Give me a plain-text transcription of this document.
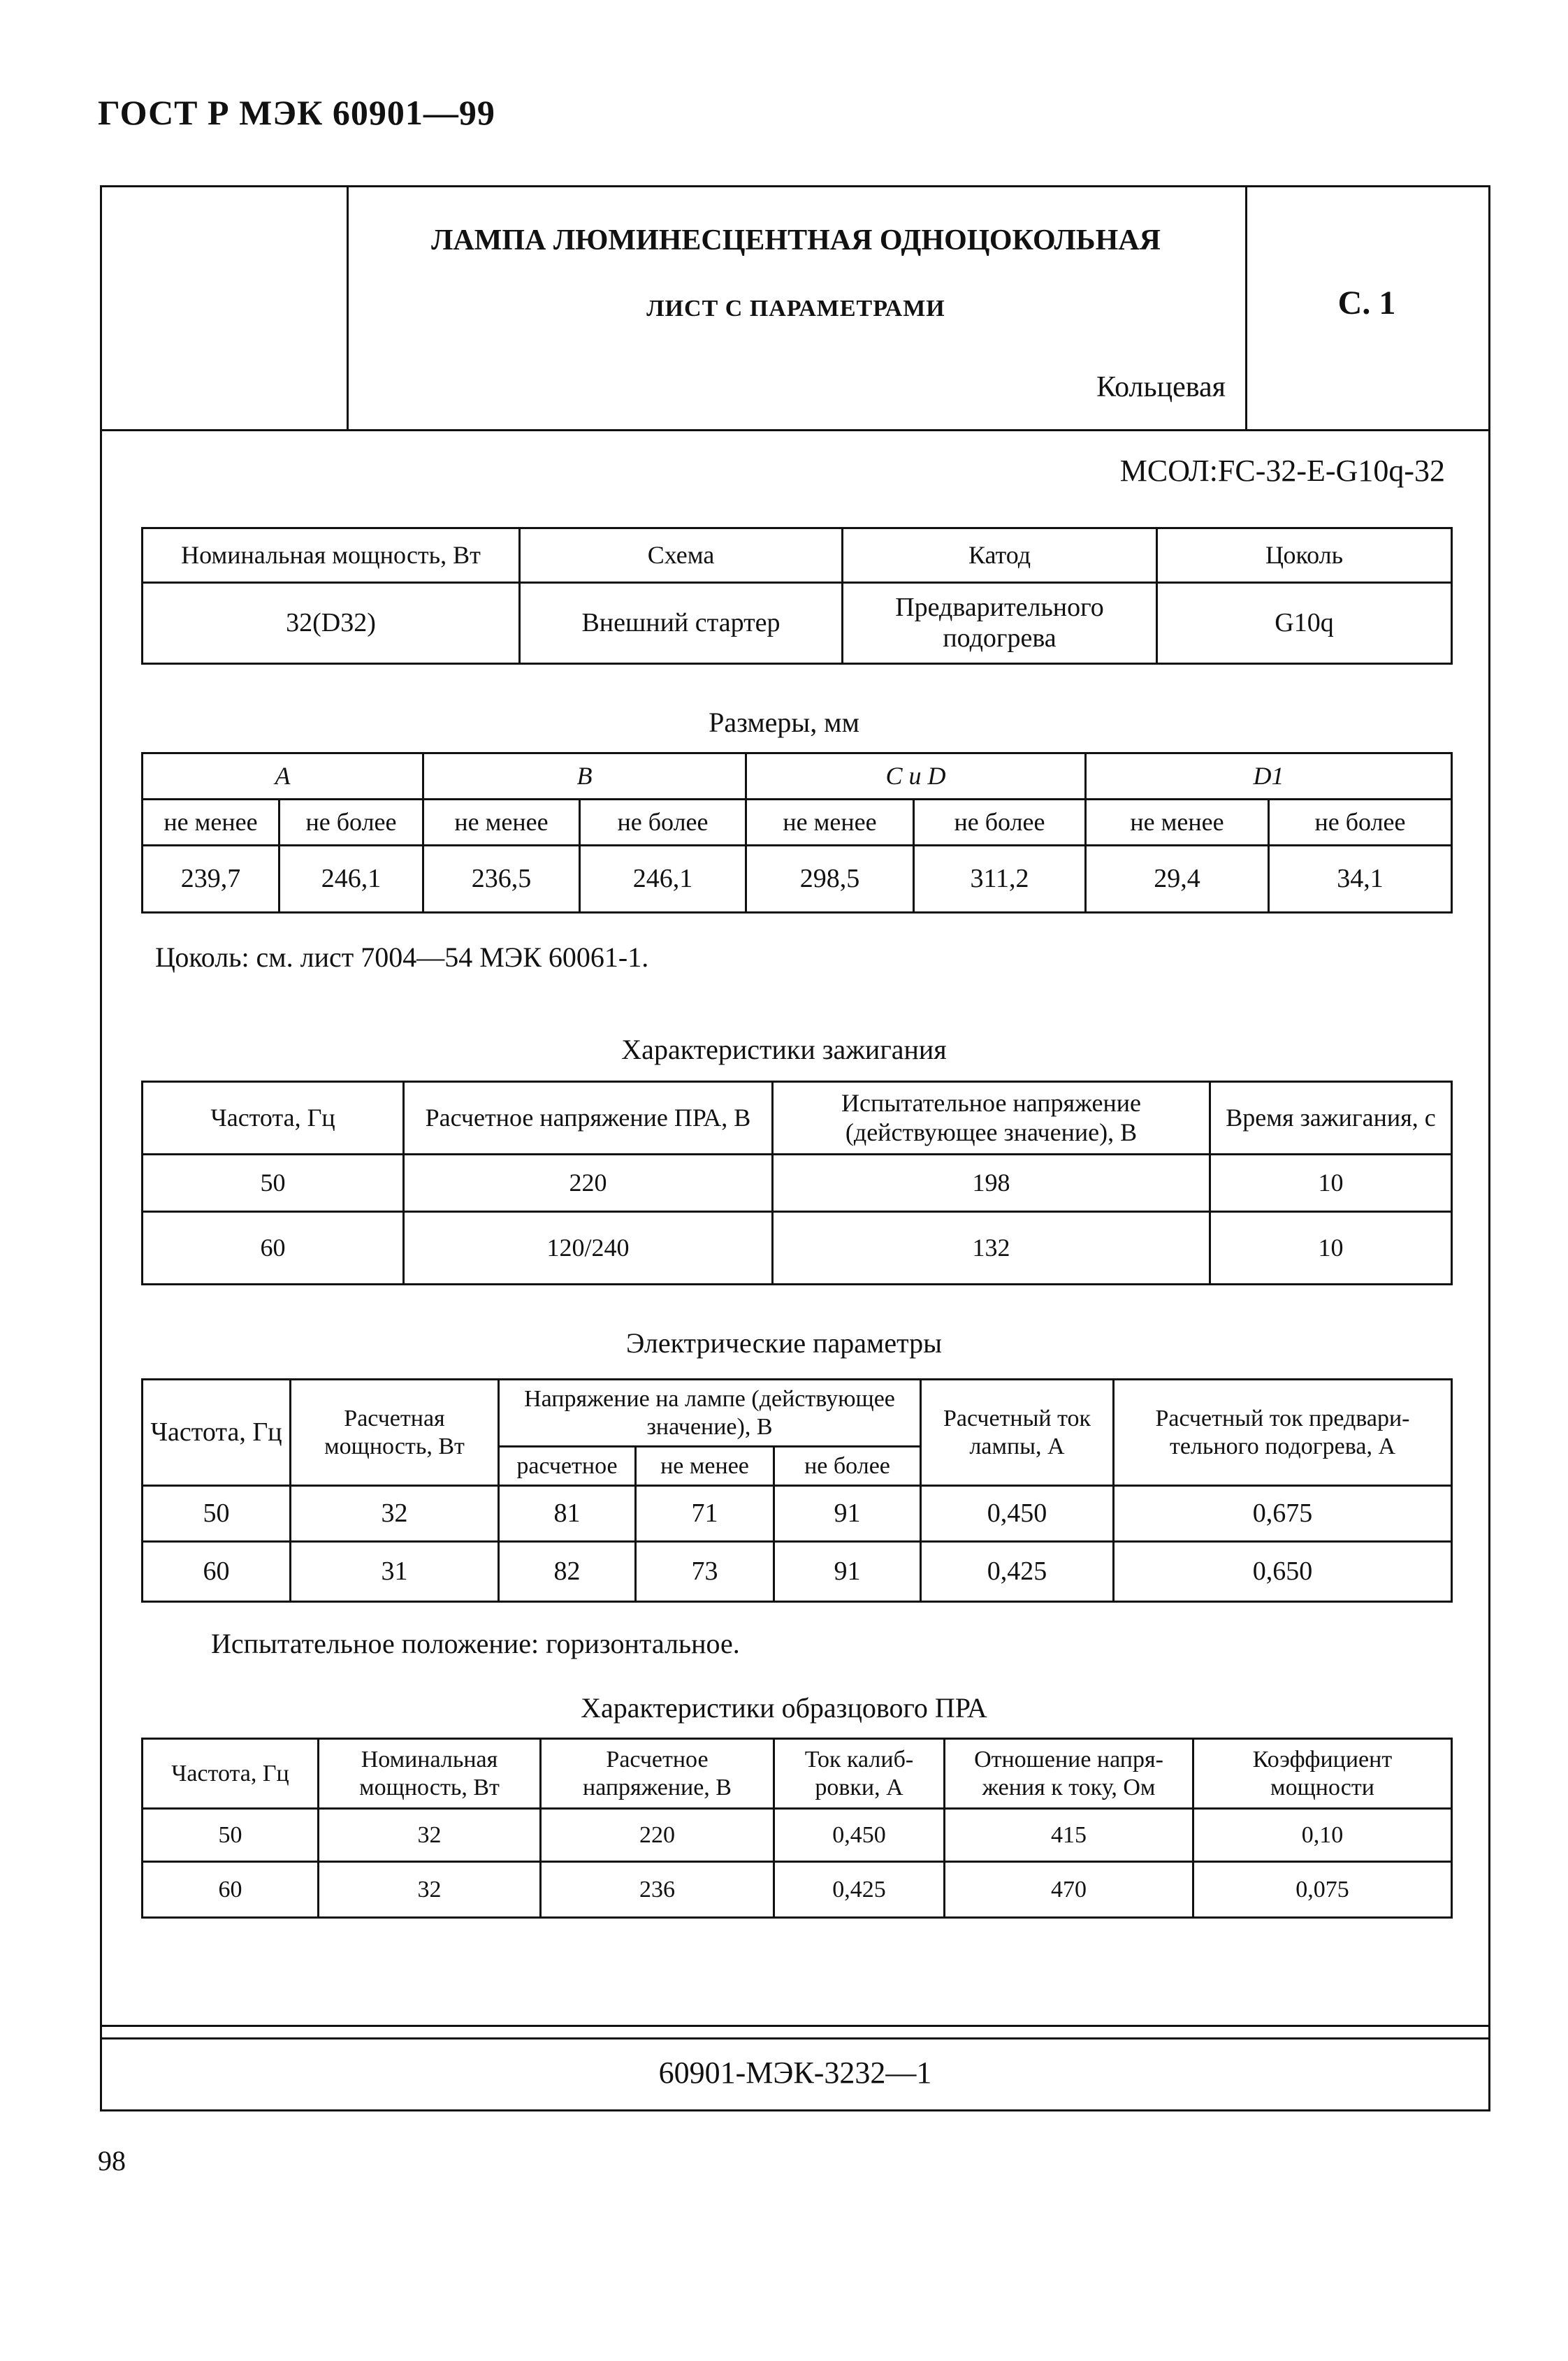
ГОСТ Р МЭК 60901—99
ЛАМПА ЛЮМИНЕСЦЕНТНАЯ ОДНОЦОКОЛЬНАЯ
ЛИСТ С ПАРАМЕТРАМИ
Кольцевая
С. 1
МСОЛ:FC-32-E-G10q-32
60901-МЭК-3232—1
Номинальная мощность, Вт	Схема	Катод	Цоколь
32(D32)	Внешний стартер	Предварительного подогрева	G10q
Размеры, мм
A		B		C и D		D1	
не менее	не более	не менее	не более	не менее	не более	не менее	не более
239,7	246,1	236,5	246,1	298,5	311,2	29,4	34,1
Цоколь: см. лист 7004—54 МЭК 60061-1.
Характеристики зажигания
Частота, Гц	Расчетное напряжение ПРА, В	Испытательное напряжение (действующее значение), В	Время зажигания, с
50	220	198	10
60	120/240	132	10
Электрические параметры
Частота, Гц	Расчетная мощность, Вт	Напряжение на лампе (действующее значение), В			Расчетный ток лампы, А	Расчетный ток предвари-тельного подогрева, А
		расчетное	не менее	не более		
50	32	81	71	91	0,450	0,675
60	31	82	73	91	0,425	0,650
Испытательное положение: горизонтальное.
Характеристики образцового ПРА
Частота, Гц	Номинальная мощность, Вт	Расчетное напряжение, В	Ток калиб-ровки, А	Отношение напря-жения к току, Ом	Коэффициент мощности
50	32	220	0,450	415	0,10
60	32	236	0,425	470	0,075
98
